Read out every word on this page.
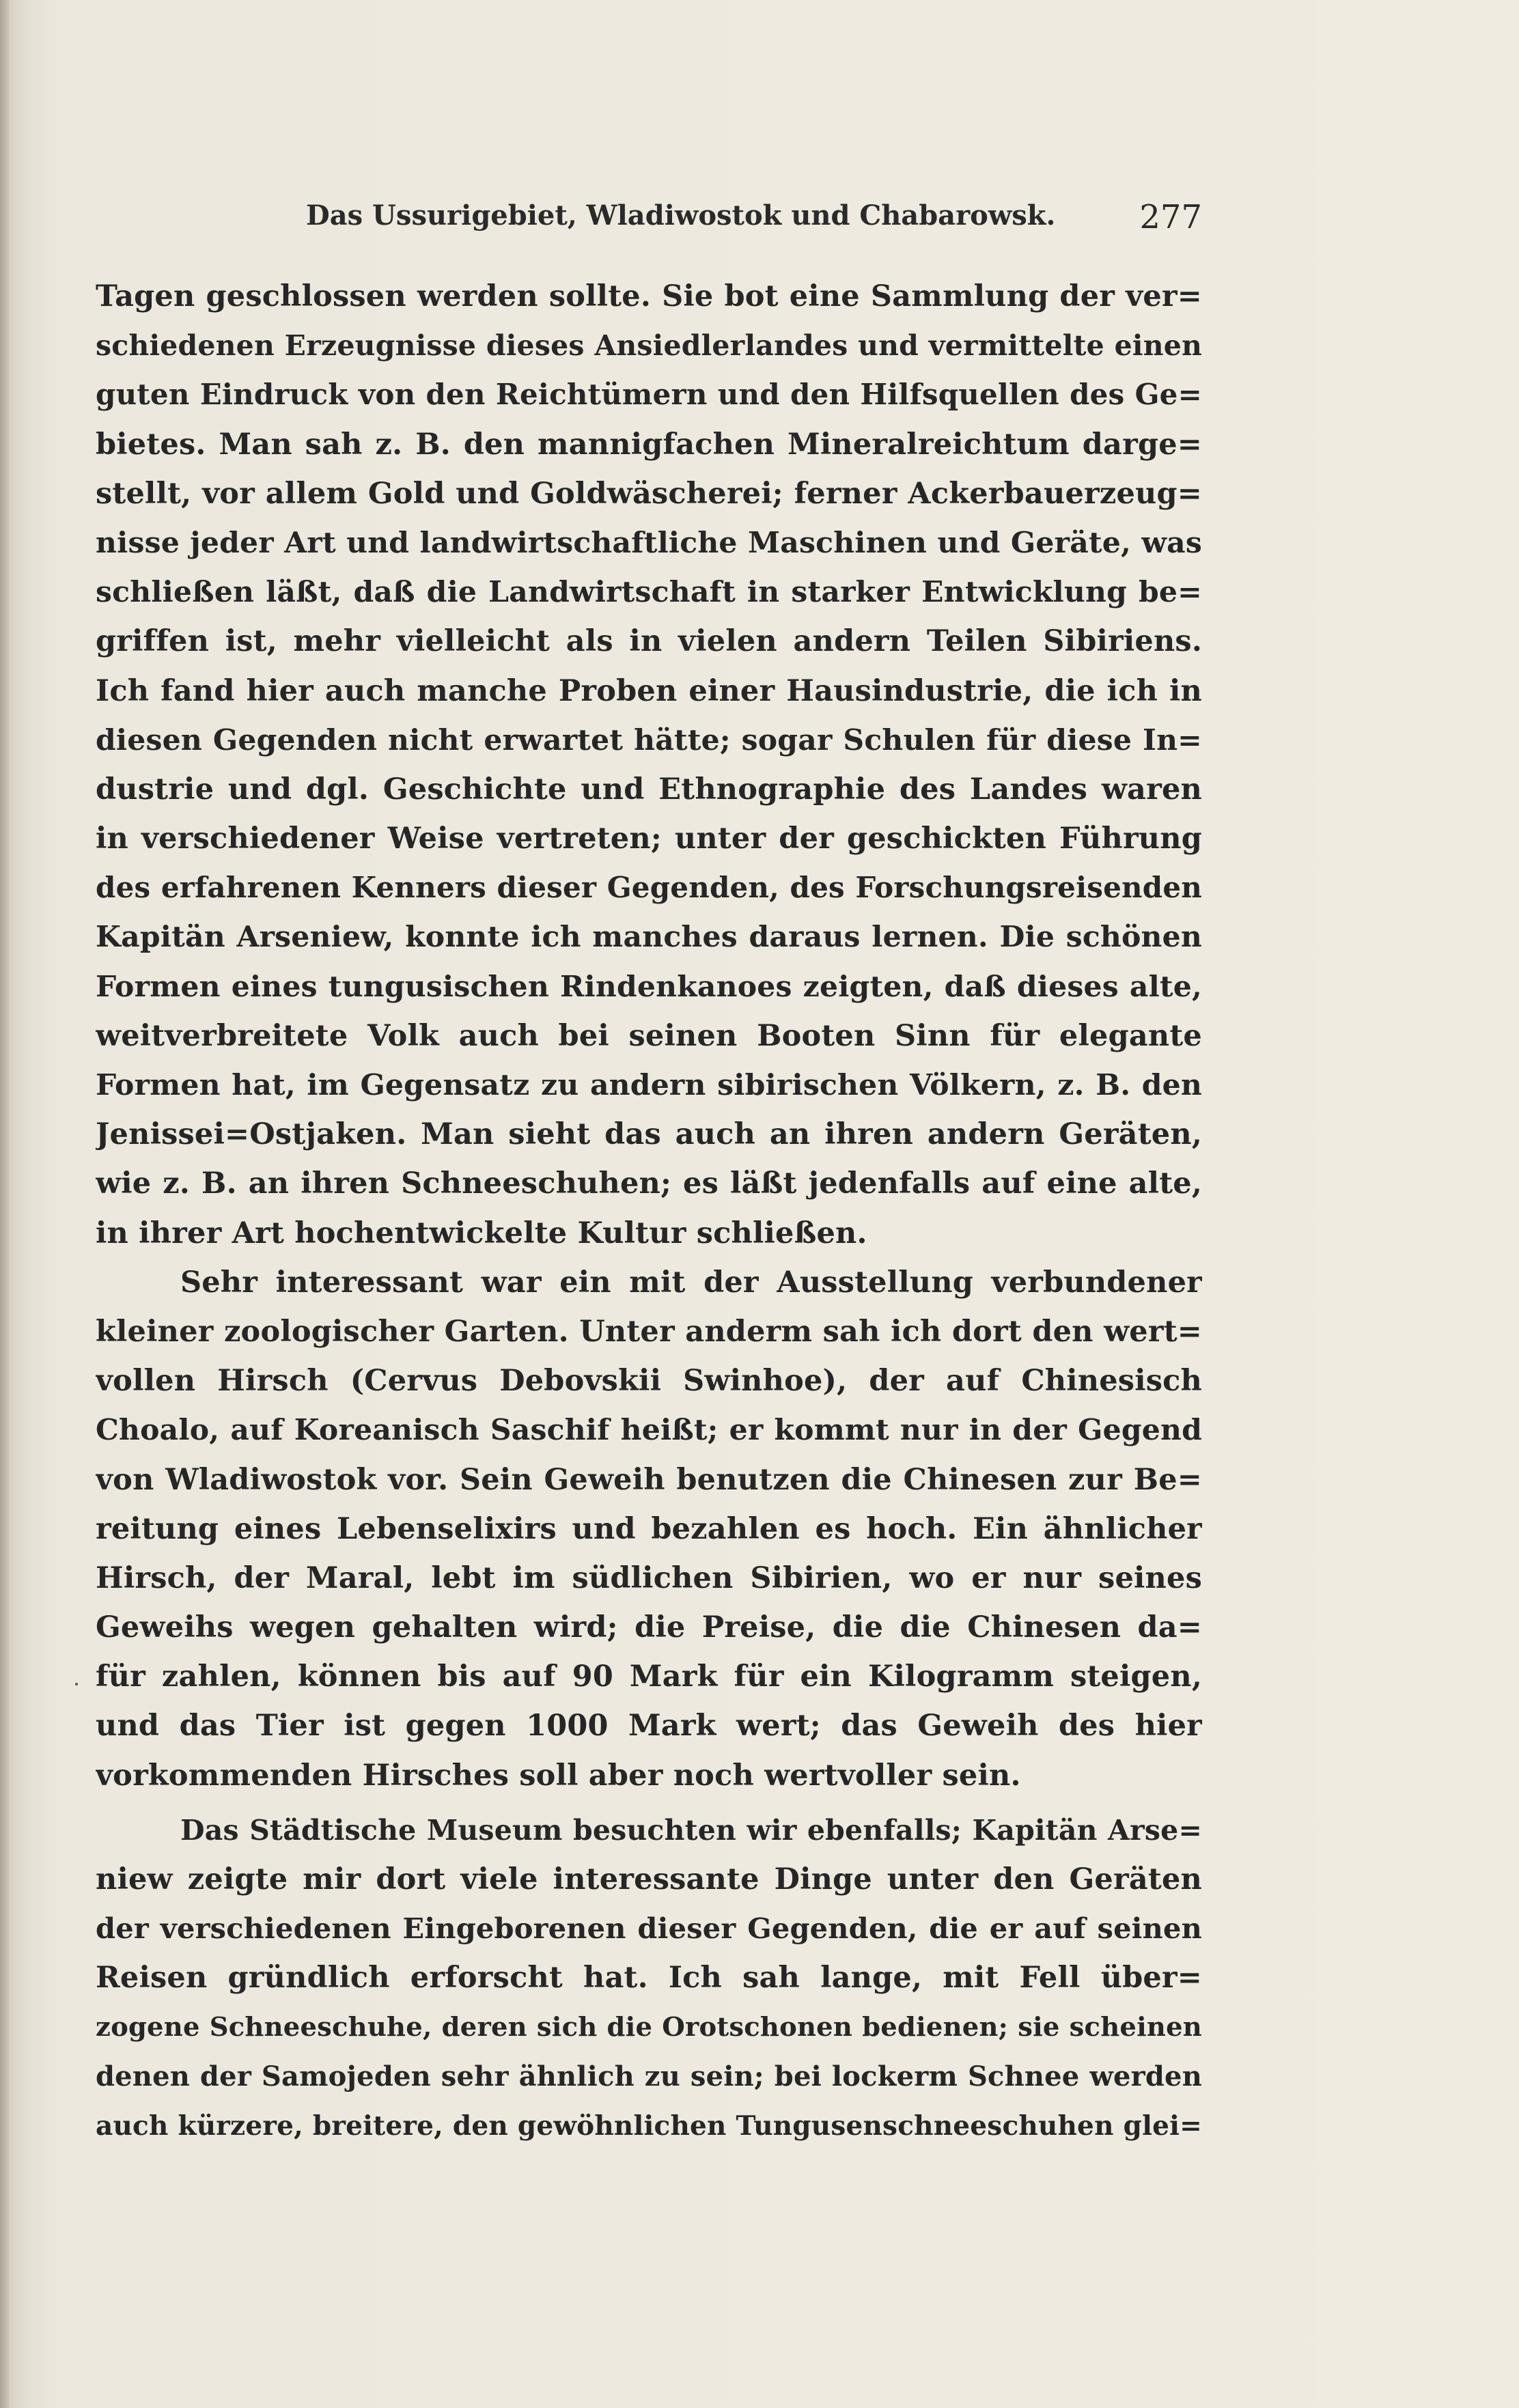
Das Ussurigebiet, Wladiwostok und Chabarowsk.	277
Tagen geschlossen werden sollte. Sie bot eine Sammlung der ver=
schiedenen Erzeugnisse dieses Ansiedlerlandes und vermittelte einen
guten Eindruck von den Reichtümern und den Hilfsquellen des Ge=
bietes. Man sah z. B. den mannigfachen Mineralreichtum darge=
stellt, vor allem Gold und Goldwäscherei; ferner Ackerbauerzeug=
nisse jeder Art und landwirtschaftliche Maschinen und Geräte, was
schließen läßt, daß die Landwirtschaft in starker Entwicklung be=
griffen ist, mehr vielleicht als in vielen andern Teilen Sibiriens.
Ich fand hier auch manche Proben einer Hausindustrie, die ich in
diesen Gegenden nicht erwartet hätte; sogar Schulen für diese In=
dustrie und dgl. Geschichte und Ethnographie des Landes waren
in verschiedener Weise vertreten; unter der geschickten Führung
des erfahrenen Kenners dieser Gegenden, des Forschungsreisenden
Kapitän Arseniew, konnte ich manches daraus lernen. Die schönen
Formen eines tungusischen Rindenkanoes zeigten, daß dieses alte,
weitverbreitete Volk auch bei seinen Booten Sinn für elegante
Formen hat, im Gegensatz zu andern sibirischen Völkern, z. B. den
Jenissei=Ostjaken. Man sieht das auch an ihren andern Geräten,
wie z. B. an ihren Schneeschuhen; es läßt jedenfalls auf eine alte,
in ihrer Art hochentwickelte Kultur schließen.
Sehr interessant war ein mit der Ausstellung verbundener
kleiner zoologischer Garten. Unter anderm sah ich dort den wert=
vollen Hirsch (Cervus Debovskii Swinhoe), der auf Chinesisch
Choalo, auf Koreanisch Saschif heißt; er kommt nur in der Gegend
von Wladiwostok vor. Sein Geweih benutzen die Chinesen zur Be=
reitung eines Lebenselixirs und bezahlen es hoch. Ein ähnlicher
Hirsch, der Maral, lebt im südlichen Sibirien, wo er nur seines
Geweihs wegen gehalten wird; die Preise, die die Chinesen da=
für zahlen, können bis auf 90 Mark für ein Kilogramm steigen,
und das Tier ist gegen 1000 Mark wert; das Geweih des hier
vorkommenden Hirsches soll aber noch wertvoller sein.
Das Städtische Museum besuchten wir ebenfalls; Kapitän Arse=
niew zeigte mir dort viele interessante Dinge unter den Geräten
der verschiedenen Eingeborenen dieser Gegenden, die er auf seinen
Reisen gründlich erforscht hat. Ich sah lange, mit Fell über=
zogene Schneeschuhe, deren sich die Orotschonen bedienen; sie scheinen
denen der Samojeden sehr ähnlich zu sein; bei lockerm Schnee werden
auch kürzere, breitere, den gewöhnlichen Tungusenschneeschuhen glei=
